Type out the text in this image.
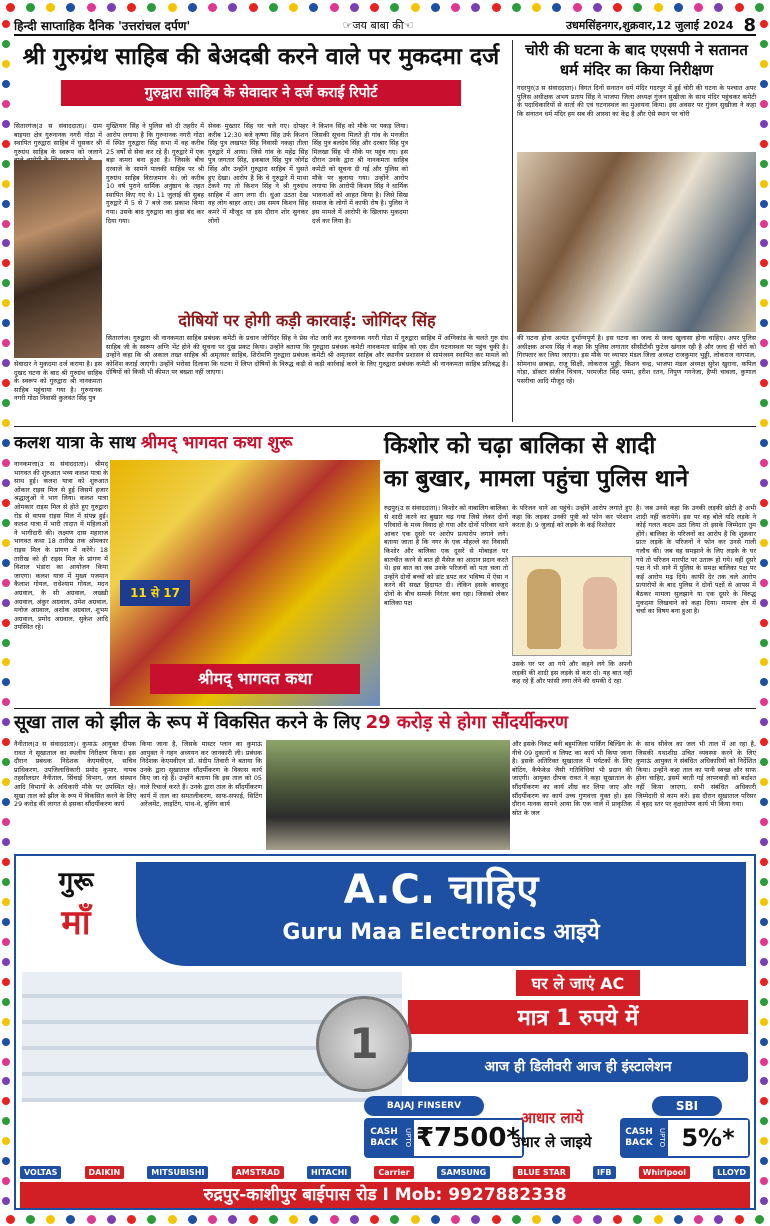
हिन्दी साप्ताहिक दैनिक 'उत्तरांचल दर्पण'	☞जय बाबा की☜	उधमसिंहनगर,शुक्रवार,12 जुलाई 2024 8
श्री गुरुग्रंथ साहिब की बेअदबी करने वाले पर मुकदमा दर्ज
गुरुद्वारा साहिब के सेवादार ने दर्ज कराई रिपोर्ट
सितारगंज(उ स संवाददाता)। ग्राम बाइयरा क्षेत्र गुरुनानक नगरी गोठा में स्थापित गुरुद्वारा साहिब में घुसकर श्री गुरुग्रंथ साहिब के स्वरूप को जलाने
सेवादार ने मुकदमा दर्ज कराया है। इस दुखद घटना के बाद श्री गुरुग्रंथ साहिब के स्वरूप को गुरुद्वारा श्री नानकमता साहिब पहुंचाया गया है। गुरुनानक नगरी गोठा निवासी कुलवंत सिंह पुत्र
मुख्तियार सिंह ने पुलिस को दी तहरीर में आरोप लगाया है कि गुरुनानक नगरी गोठा में स्थित गुरुद्वारा सिंह सभा में वह करीब 25 वर्षों से सेवा कर रहे हैं। गुरुद्वारे में एक बड़ा कमरा बना हुआ है। जिसके बीच दरवाजे के सामने पालकी साहिब पर श्री गुरुग्रंथ साहिब विराजमान थे। जो करीब 10 वर्ष पुराने धार्मिक अनुष्ठान के तहत स्थापित किए गए थे। 11 जुलाई की सुबह गुरुद्वारे में 5 से 7 बजे तक प्रकाश किया गया। उसके बाद गुरुद्वारा का कुंडा बंद कर दिया गया।
सेवक मुख्तार सिंह घर चले गए। दोपहर करीब 12:30 बजे कृष्णा सिंह उर्फ किशन सिंह पुत्र लखपत सिंह निवासी नकहा तीला गुरुद्वारे में आया। जिसे गांव के महेंद्र सिंह पुत्र जगतार सिंह, इकबाल सिंह पुत्र जोगेंद्र सिंह और उन्होंने गुरुद्वारा साहिब में घुसते हुए देखा। आरोप है कि वे गुरुद्वारे में माथा टेकने गए तो किशन सिंह ने श्री गुरुग्रंथ साहिब में आग लगा दी। धुंआ उठता देख वह लोग बाहर आए। उस समय किशन सिंह कमरे में मौजूद था इस दौरान शोर सुनकर लोगों
ने किशन सिंह को मौके पर पकड़ लिया। जिसकी सूचना मिलते ही गांव के मनजीत सिंह पुत्र बलदेव सिंह और दरबार सिंह पुत्र मिलखा सिंह भी मौके पर पहुंच गए। इस दौरान उनके द्वारा श्री नानकमता साहिब कमेटी को सूचना दी गई और पुलिस को मौके पर बुलाया गया। उन्होंने आरोप लगाया कि आरोपी किशन सिंह ने धार्मिक भावनाओं को आहत किया है। जिसे सिख समाज के लोगों में काफी रोष है। पुलिस ने इस मामले में आरोपी के खिलाफ मुकदमा दर्ज कर लिया है।
दोषियों पर होगी कड़ी कारवाई: जोगिंदर सिंह
सितारगंज। गुरुद्वारा श्री नानकमता साहिब प्रबंधक कमेटी के प्रधान जोगिंदर सिंह ने प्रेस नोट जारी कर गुरुनानक नगरी गोठा में गुरुद्वारा साहिब में अग्निकांड के चलते गुरु ग्रंथ साहिब जी के स्वरूप अग्नि भेंट होने की सूचना पर दुख प्रकट किया। उन्होंने बताया कि गुरुद्वारा प्रबंधक कमेटी नानकमता साहिब को एक दीन घटनास्थल पर पहुंच चुकी है। उन्होंने कहा कि श्री अकाल तख्त साहिब श्री अमृतसर साहिब, शिरोमणि गुरुद्वारा प्रबंधक कमेटी श्री अमृतसर साहिब और स्थानीय प्रशासन से सामंजस्य स्थापित कर मामले को कोशिश कराई जाएगी। उन्होंने भरोसा दिलाया कि घटना में लिप्त दोषियों के विरुद्ध कड़ी से कड़ी कार्रवाई करने के लिए गुरुद्वारा प्रबंधक कमेटी श्री नानकमता साहिब प्रतिबद्ध है। दोषियों को किसी भी कीमत पर बख्शा नहीं जाएगा।
चोरी की घटना के बाद एएसपी ने सतानत धर्म मंदिर का किया निरीक्षण
गदरपुर(उ स संवाददाता)। विगत दिनों सनातन धर्म मंदिर गदरपुर में हुई चोरी की घटना के पश्चात अपर पुलिस अधीक्षक अभय प्रताप सिंह ने भाजपा जिला अध्यक्ष गुंजन सुखीजा के साथ मंदिर पहुंचकर कमेटी के पदाधिकारियों से वार्ता की एवं घटनास्थल का मुआयना किया। इस अवसर पर गुंजन सुखीजा ने कहा कि सनातन धर्म मंदिर हम सब की आस्था का केंद्र है और ऐसे स्थान पर चोरी
की घटना होना अत्यंत दुर्भाग्यपूर्ण है। इस घटना का जल्द से जल्द खुलासा होना चाहिए। अपर पुलिस अधीक्षक अभय सिंह ने कहा कि पुलिस लगातार सीसीटीवी फुटेज खंगाल रही है और जल्द ही चोरों को गिरफ्तार कर लिया जाएगा। इस मौके पर व्यापार मंडल जिला अध्यक्ष राजकुमार भुड्डी, लोकराज नागपाल, सोमनाथ छाबड़ा, राजू सिक्षी, लोकराज भुड्डी, किशन चन्द्र, भाजपा मंडल अध्यक्ष सुरेश खुराना, कपिल गोड़ा, डॉक्टर संजीव चित्राय, परमजीत सिंह पम्मा, हरीश रतन, निपुण गगनेजा, हैप्पी चावला, कुणाल पसरीचा आदि मौजूद रहे।
कलश यात्रा के साथ श्रीमद् भागवत कथा शुरू
नानकमत्ता(उ स संवाददाता)। श्रीमद् भागवत की शुरुआत भव्य कलश यात्रा के साथ हुई। कलश यात्रा को शुरुआत ओंकार राइस मिल से हुई जिसमें हजार श्रद्धालुओं ने भाग लिया। कलश यात्रा ओमकार राइस मिल से होते हुए गुरुद्वारा रोड से वापस राइस मिल में संपन्न हुई। कलश यात्रा में भारी तादात में महिलाओं ने भागीदारी की। लक्ष्मण दास महाराज भागवत कथा 18 तारीख तक ओमकार राइस मिल के प्रांगण में करेंगे। 18 तारीख को ही राइस मिल के प्रांगण में विशाल भंडारा का आयोजन किया जाएगा। कलश यात्रा में मुख्य यजमान कैलाश गोयल, राधेश्याम गोयल, मदन अग्रवाल, के सी अग्रवाल, लख्खी अग्रवाल, अंकुर अग्रवाल, उमेश अग्रवाल, मनोज अग्रवाल, अशोक अग्रवाल, शुभम अग्रवाल, प्रमोद अग्रवाल, सुकेश आदि उपस्थित रहे।
11 से 17
श्रीमद् भागवत कथा
किशोर को चढ़ा बालिका से शादी
का बुखार, मामला पहुंचा पुलिस थाने
रुद्रपुर(उ स संवाददाता)। किशोर को नाबालिग बालिका से शादी करने का बुखार चढ़ गया जिसे लेकर दोनों परिवारों के मध्य विवाद हो गया और दोनों परिवार थाने आकर एक दूसरे पर आरोप प्रत्यारोप लगाने लगे। बताया जाता है कि नगर के एक मोहल्ले का निवासी किशोर और बालिका एक दूसरे से मोबाइल पर बातचीत करने से बात ही मैसेज का आदान प्रदान करते थे। इस बात का जब उनके परिजनों को पता चला तो उन्होंने दोनों बच्चों को डांट डपट कर भविष्य में ऐसा न करने की सख्त हिदायत दी। लेकिन इसके बावजूद दोनों के बीच सम्पर्क निरंतर बना रहा। जिसको लेकर बालिका पक्ष
के परिजन थाने आ पहुंचे। उन्होंने आरोप लगाते हुए कहा कि लड़का उनकी पुत्री को फोन कर परेशान करता है। 9 जुलाई को लड़के के कई रिश्तेदार
उसके घर पर आ गये और कहने लगे कि अपनी लड़की की शादी इस लड़के से करा दो। यह बात नहीं कह रहे हैं और फांसी लगा लेने की धमकी दे रहा
है। जब उनसे कहा कि उनकी लड़की छोटी है अभी शादी नहीं करायेंगे। इस पर वह बोले यदि लड़के ने कोई गलत कदम उठा लिया तो इसके जिम्मेदार तुम होंगे। बालिका के परिजनों का आरोप है कि शुक्रवार प्रातः लड़के के परिजनों ने फोन कर उनसे गाली गलौच की। जब वह समझाने के लिए लड़के के घर गये तो परिजन मारपीट पर उतारू हो गये। वहीं दूसरे पक्ष ने भी थाने में पुलिस के समक्ष बालिका पक्ष पर कई आरोप मढ़ दिये। काफी देर तक चले आरोप प्रत्यारोपों के बाद पुलिस ने दोनों पक्षों से आपस में बैठकर मामला सुलझाने या एक दूसरे के विरुद्ध मुकदमा लिखवाने को कहा दिया। मामला क्षेत्र में चर्चा का विषय बना हुआ है।
सूखा ताल को झील के रूप में विकसित करने के लिए 29 करोड़ से होगा सौंदर्यीकरण
नैनीताल(उ स संवाददाता)। कुमाऊं आयुक्त दीपक रावत ने सूखाताल का स्थलीय निरीक्षण किया। इस दौरान प्रबंधक निदेशक केएमवीएन, सचिव प्राधिकरण, उपजिलाधिकारी प्रमोद कुमार, नायब तहसीलदार नैनीताल, सिंचाई विभाग, जल संस्थान आदि विभागों के अधिकारी मौके पर उपस्थित रहे। सूखा ताल को झील के रूप में विकसित करने के लिए 29 करोड़ की लागत से इसका सौंदर्यीकरण कार्य
किया जाना है, जिसके मास्टर प्लान का कुमाऊं आयुक्त ने गहन अध्ययन कर जानकारी ली। प्रबंधक निदेशक केएमवीएन डॉ. संदीप तिवारी ने बताया कि उनके द्वारा सूखाताल सौंदर्यीकरण के विकास कार्य किए जा रहे हैं। उन्होंने बताया कि इस ताल को 05 नाले रिचार्ज करते हैं। उनके द्वारा ताल के सौंदर्यीकरण कार्य में ताल का समतलीकरण, साफ-सफाई, सिटिंग अरेंजमेंट, लाइटिंग, पाथ-वे, बुलिंग कार्य
और इसके निकट बनी बहुमंजिला पार्किंग बिल्डिंग के नीचे 09 दुकानों व लिफ्ट का कार्य भी किया जाना है। इसके अतिरिक्त सूखाताल में पर्यटकों के लिए बोटिंग, कैफेकेड जैसी गतिविधियां भी प्रदान की जाएगी। आयुक्त दीपक रावत ने कहा सूखाताल के सौंदर्यीकरण का कार्य शीघ्र कर लिया जाए और सौंदर्यीकरण का कार्य उच्च गुणवत्ता युक्त हो। इस दौरान मानक सामने आया कि एक नाले में प्राकृतिक स्रोत के जल
के साथ सीवेज का जल भी ताल में आ रहा है, जिसकी यथाशीघ्र उचित व्यवस्था करने के लिए कुमाऊं आयुक्त ने संबंधित अधिकारियों को निर्देशित किया। उन्होंने कहा ताल का पानी स्वच्छ और साफ होना चाहिए, इसमें बरती गई लापरवाही को बर्दाश्त नहीं किया जाएगा, सभी संबंधित अधिकारी जिम्मेदारी से काम करें। इस दौरान सूखाताल परिसर में बृहद स्तर पर वृक्षारोपण कार्य भी किया गया।
गुरू
माँ
A.C. चाहिए
Guru Maa Electronics आइये
घर ले जाएं AC
मात्र 1 रुपये में
1	आज ही डिलीवरी आज ही इंस्टालेशन
BAJAJ FINSERV
CASH BACK UPTO ₹7500*
आधार लाये
उधार ले जाइये
SBI
CASH BACK UPTO 5%*
VOLTAS	DAIKIN	MITSUBISHI	AMSTRAD	HITACHI	Carrier	SAMSUNG	BLUE STAR	IFB	Whirlpool	LLOYD
रुद्रपुर-काशीपुर बाईपास रोड I Mob: 9927882338
